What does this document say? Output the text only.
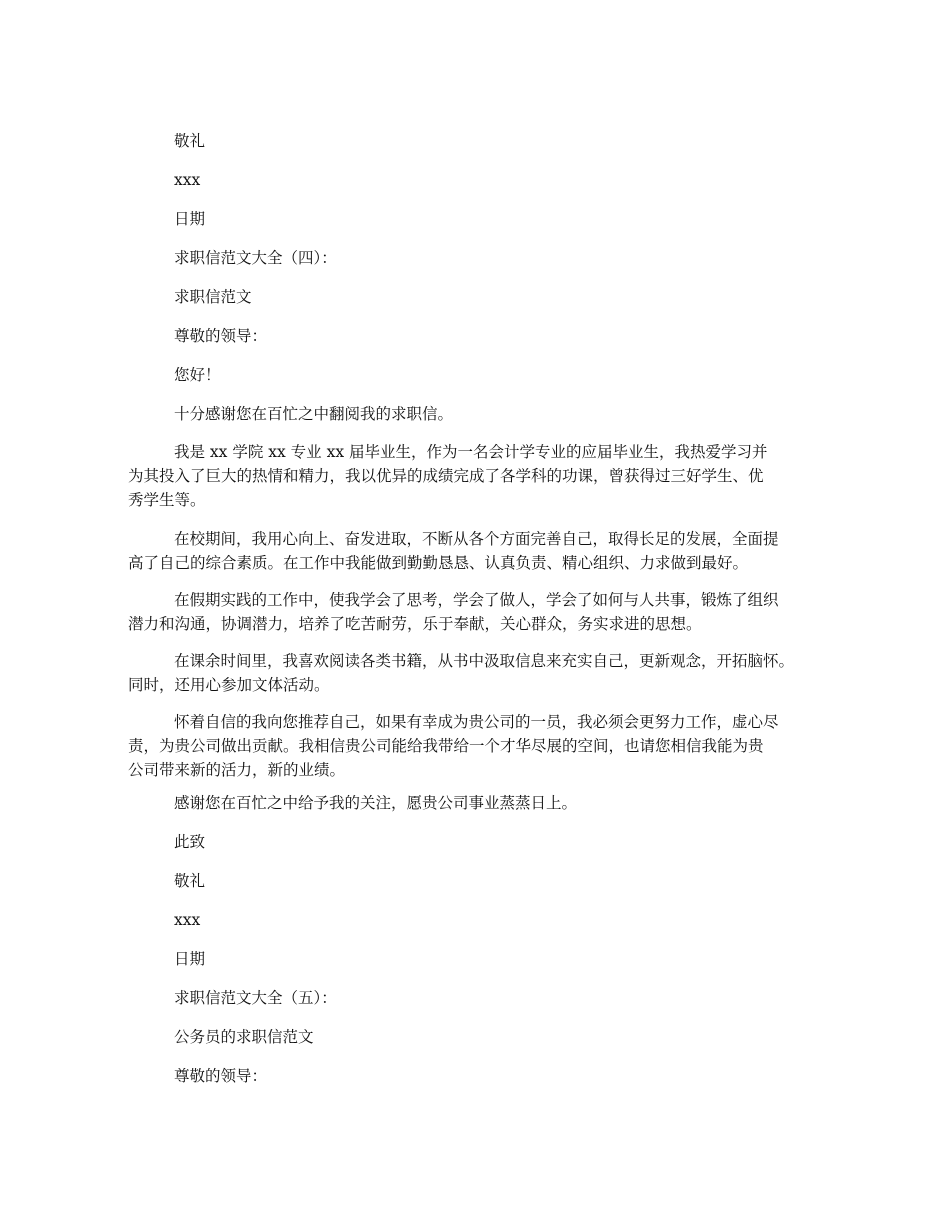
敬礼
xxx
日期
求职信范文大全（四）：
求职信范文
尊敬的领导：
您好！
十分感谢您在百忙之中翻阅我的求职信。
我是 xx 学院 xx 专业 xx 届毕业生，作为一名会计学专业的应届毕业生，我热爱学习并
为其投入了巨大的热情和精力，我以优异的成绩完成了各学科的功课，曾获得过三好学生、优
秀学生等。
在校期间，我用心向上、奋发进取，不断从各个方面完善自己，取得长足的发展，全面提
高了自己的综合素质。在工作中我能做到勤勤恳恳、认真负责、精心组织、力求做到最好。
在假期实践的工作中，使我学会了思考，学会了做人，学会了如何与人共事，锻炼了组织
潜力和沟通，协调潜力，培养了吃苦耐劳，乐于奉献，关心群众，务实求进的思想。
在课余时间里，我喜欢阅读各类书籍，从书中汲取信息来充实自己，更新观念，开拓脑怀。
同时，还用心参加文体活动。
怀着自信的我向您推荐自己，如果有幸成为贵公司的一员，我必须会更努力工作，虚心尽
责，为贵公司做出贡献。我相信贵公司能给我带给一个才华尽展的空间，也请您相信我能为贵
公司带来新的活力，新的业绩。
感谢您在百忙之中给予我的关注，愿贵公司事业蒸蒸日上。
此致
敬礼
xxx
日期
求职信范文大全（五）：
公务员的求职信范文
尊敬的领导：
